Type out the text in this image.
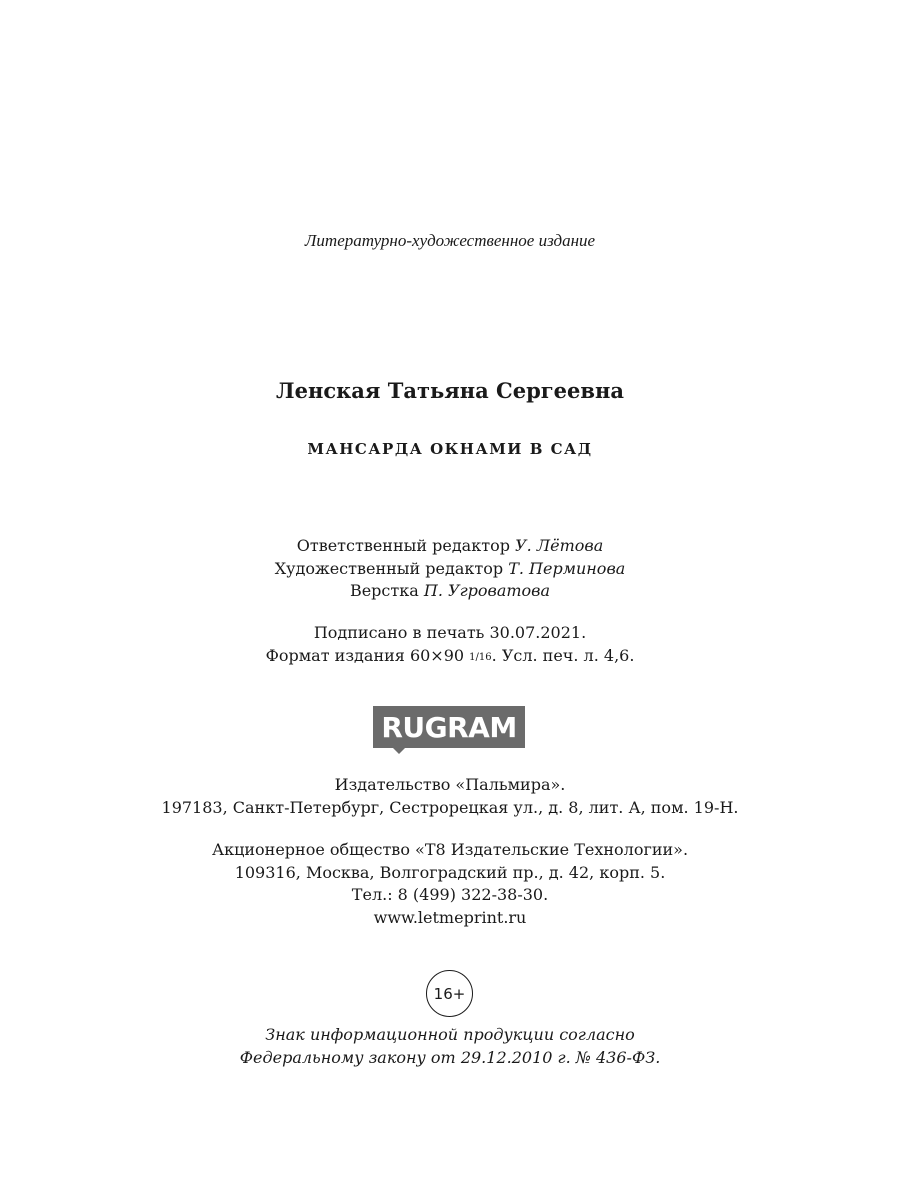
Литературно-художественное издание
Ленская Татьяна Сергеевна
МАНСАРДА ОКНАМИ В САД
Ответственный редактор У. Лётова
Художественный редактор Т. Перминова
Верстка П. Угроватова
Подписано в печать 30.07.2021.
Формат издания 60×90 1/16. Усл. печ. л. 4,6.
RUGRAM
Издательство «Пальмира».
197183, Санкт-Петербург, Сестрорецкая ул., д. 8, лит. А, пом. 19-Н.
Акционерное общество «Т8 Издательские Технологии».
109316, Москва, Волгоградский пр., д. 42, корп. 5.
Тел.: 8 (499) 322-38-30.
www.letmeprint.ru
16+
Знак информационной продукции согласно
Федеральному закону от 29.12.2010 г. № 436-ФЗ.
